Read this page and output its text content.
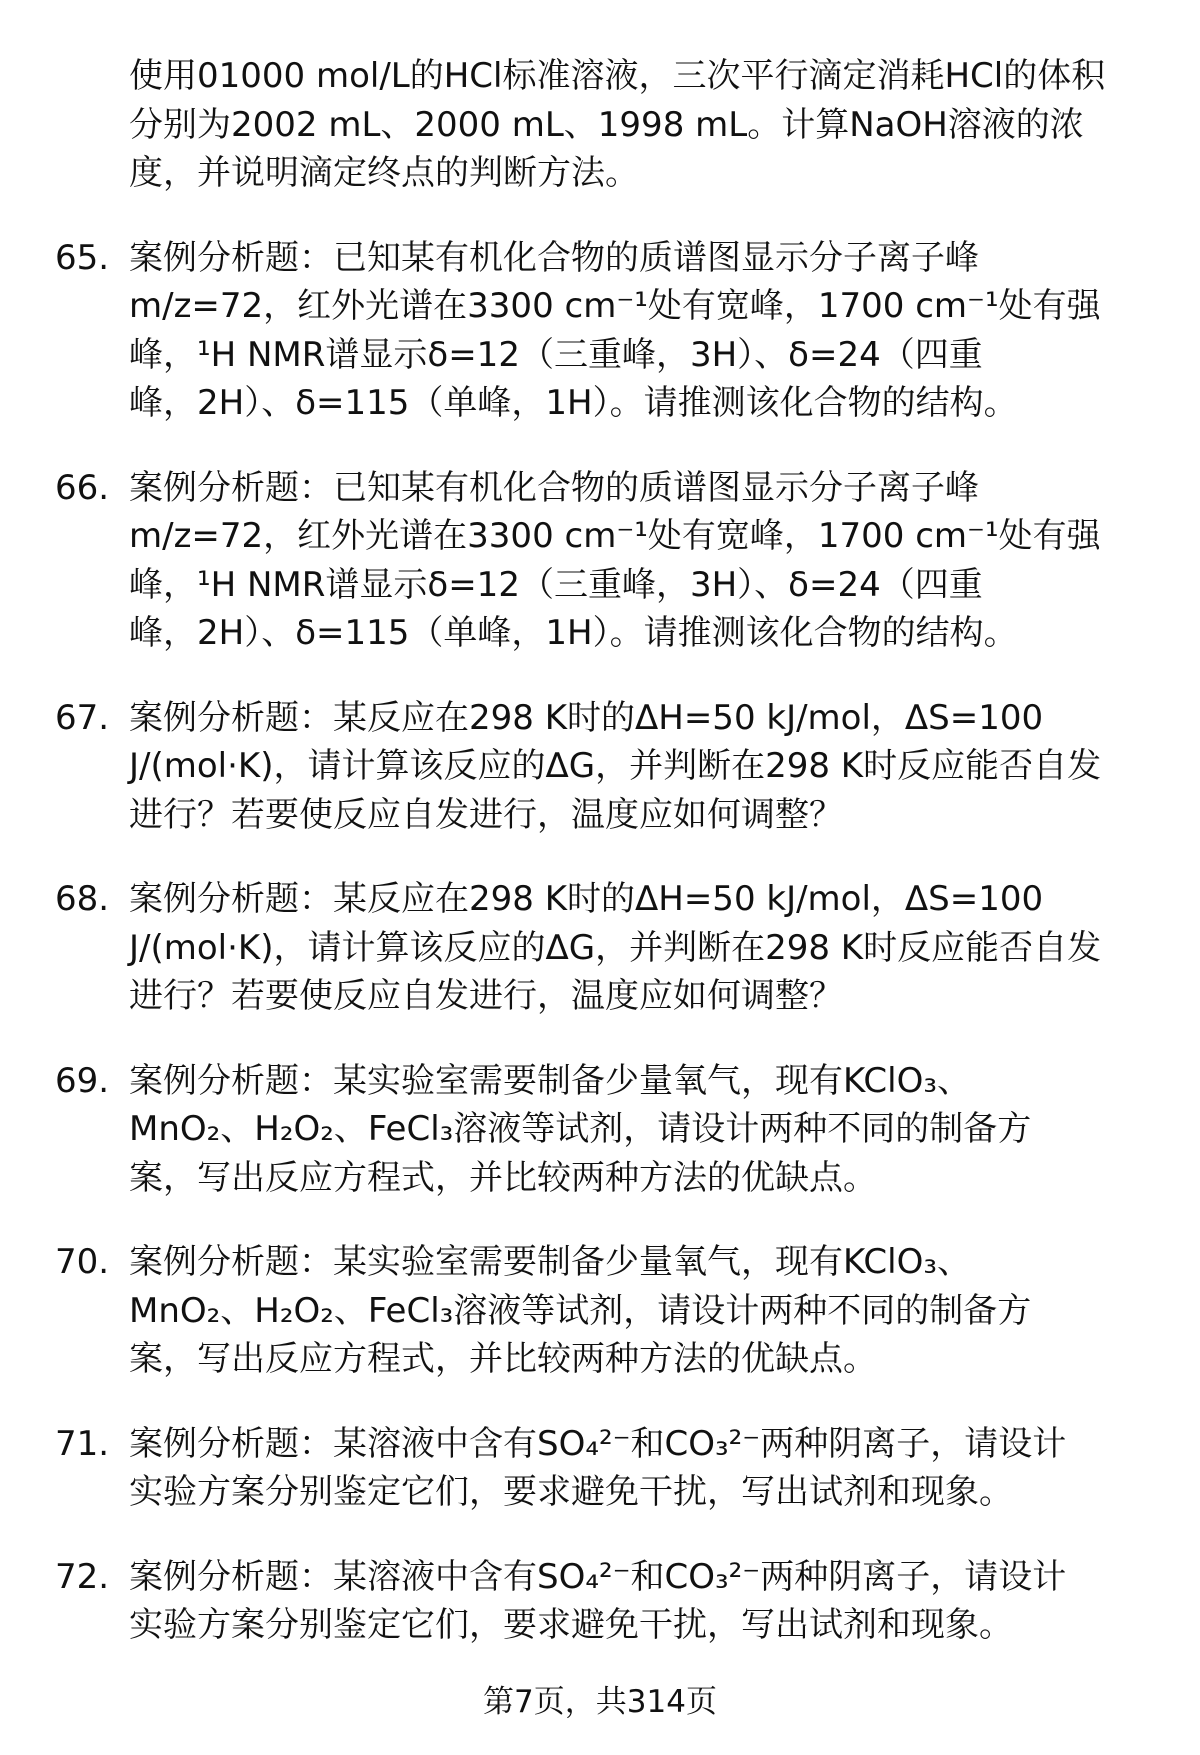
使用01000 mol/L的HCl标准溶液，三次平行滴定消耗HCl的体积
分别为2002 mL、2000 mL、1998 mL。计算NaOH溶液的浓
度，并说明滴定终点的判断方法。
65. 案例分析题：已知某有机化合物的质谱图显示分子离子峰
m/z=72，红外光谱在3300 cm⁻¹处有宽峰，1700 cm⁻¹处有强
峰，¹H NMR谱显示δ=12（三重峰，3H）、δ=24（四重
峰，2H）、δ=115（单峰，1H）。请推测该化合物的结构。
66. 案例分析题：已知某有机化合物的质谱图显示分子离子峰
m/z=72，红外光谱在3300 cm⁻¹处有宽峰，1700 cm⁻¹处有强
峰，¹H NMR谱显示δ=12（三重峰，3H）、δ=24（四重
峰，2H）、δ=115（单峰，1H）。请推测该化合物的结构。
67. 案例分析题：某反应在298 K时的ΔH=50 kJ/mol，ΔS=100
J/(mol·K)，请计算该反应的ΔG，并判断在298 K时反应能否自发
进行？若要使反应自发进行，温度应如何调整？
68. 案例分析题：某反应在298 K时的ΔH=50 kJ/mol，ΔS=100
J/(mol·K)，请计算该反应的ΔG，并判断在298 K时反应能否自发
进行？若要使反应自发进行，温度应如何调整？
69. 案例分析题：某实验室需要制备少量氧气，现有KClO₃、
MnO₂、H₂O₂、FeCl₃溶液等试剂，请设计两种不同的制备方
案，写出反应方程式，并比较两种方法的优缺点。
70. 案例分析题：某实验室需要制备少量氧气，现有KClO₃、
MnO₂、H₂O₂、FeCl₃溶液等试剂，请设计两种不同的制备方
案，写出反应方程式，并比较两种方法的优缺点。
71. 案例分析题：某溶液中含有SO₄²⁻和CO₃²⁻两种阴离子，请设计
实验方案分别鉴定它们，要求避免干扰，写出试剂和现象。
72. 案例分析题：某溶液中含有SO₄²⁻和CO₃²⁻两种阴离子，请设计
实验方案分别鉴定它们，要求避免干扰，写出试剂和现象。
第7页，共314页
